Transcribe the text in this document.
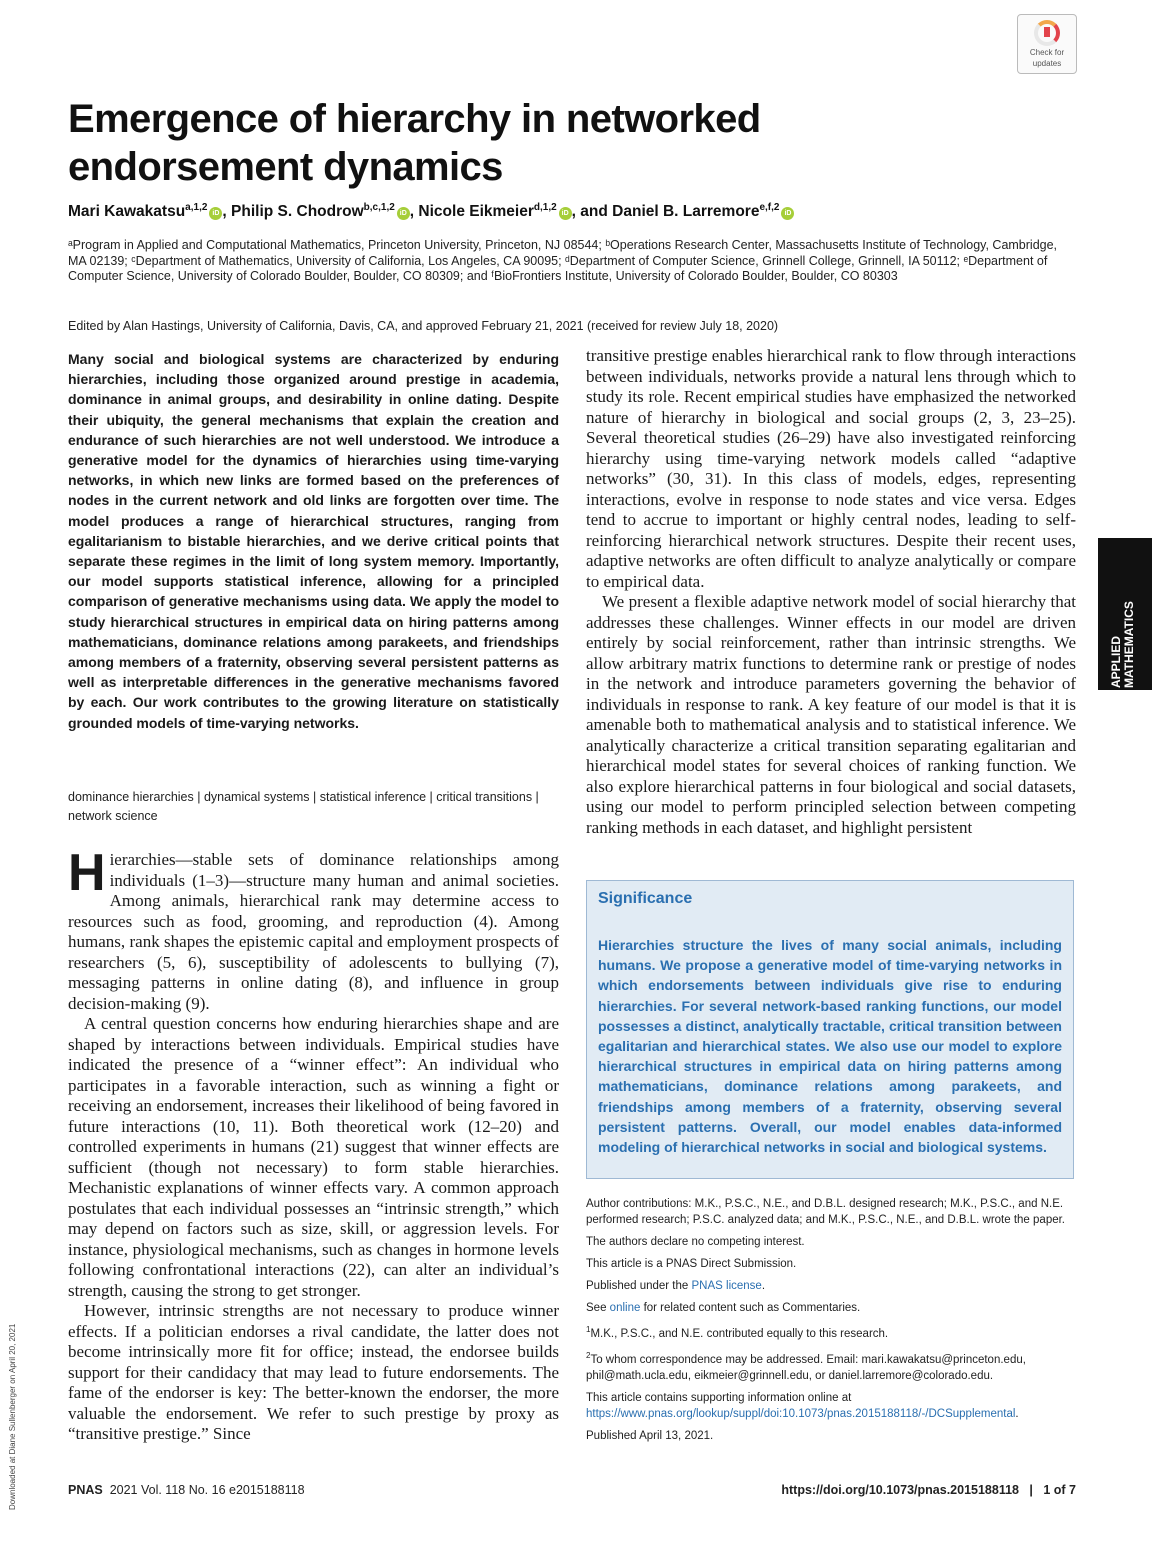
Check for
updates
Emergence of hierarchy in networked endorsement dynamics
Mari Kawakatsu$^{a,1,2}$iD , Philip S. Chodrow$^{b,c,1,2}$iD , Nicole Eikmeier$^{d,1,2}$iD , and Daniel B. Larremore$^{e,f,2}$iD
ᵃProgram in Applied and Computational Mathematics, Princeton University, Princeton, NJ 08544; ᵇOperations Research Center, Massachusetts Institute of Technology, Cambridge, MA 02139; ᶜDepartment of Mathematics, University of California, Los Angeles, CA 90095; ᵈDepartment of Computer Science, Grinnell College, Grinnell, IA 50112; ᵉDepartment of Computer Science, University of Colorado Boulder, Boulder, CO 80309; and ᶠBioFrontiers Institute, University of Colorado Boulder, Boulder, CO 80303
Edited by Alan Hastings, University of California, Davis, CA, and approved February 21, 2021 (received for review July 18, 2020)
Many social and biological systems are characterized by enduring hierarchies, including those organized around prestige in academia, dominance in animal groups, and desirability in online dating. Despite their ubiquity, the general mechanisms that explain the creation and endurance of such hierarchies are not well understood. We introduce a generative model for the dynamics of hierarchies using time-varying networks, in which new links are formed based on the preferences of nodes in the current network and old links are forgotten over time. The model produces a range of hierarchical structures, ranging from egalitarianism to bistable hierarchies, and we derive critical points that separate these regimes in the limit of long system memory. Importantly, our model supports statistical inference, allowing for a principled comparison of generative mechanisms using data. We apply the model to study hierarchical structures in empirical data on hiring patterns among mathematicians, dominance relations among parakeets, and friendships among members of a fraternity, observing several persistent patterns as well as interpretable differences in the generative mechanisms favored by each. Our work contributes to the growing literature on statistically grounded models of time-varying networks.
dominance hierarchies | dynamical systems | statistical inference | critical transitions | network science

Hierarchies—stable sets of dominance relationships among individuals (1–3)—structure many human and animal societies. Among animals, hierarchical rank may determine access to resources such as food, grooming, and reproduction (4). Among humans, rank shapes the epistemic capital and employment prospects of researchers (5, 6), susceptibility of adolescents to bullying (7), messaging patterns in online dating (8), and influence in group decision-making (9).

A central question concerns how enduring hierarchies shape and are shaped by interactions between individuals. Empirical studies have indicated the presence of a “winner effect”: An individual who participates in a favorable interaction, such as winning a fight or receiving an endorsement, increases their likelihood of being favored in future interactions (10, 11). Both theoretical work (12–20) and controlled experiments in humans (21) suggest that winner effects are sufficient (though not necessary) to form stable hierarchies. Mechanistic explanations of winner effects vary. A common approach postulates that each individual possesses an “intrinsic strength,” which may depend on factors such as size, skill, or aggression levels. For instance, physiological mechanisms, such as changes in hormone levels following confrontational interactions (22), can alter an individual’s strength, causing the strong to get stronger.

However, intrinsic strengths are not necessary to produce winner effects. If a politician endorses a rival candidate, the latter does not become intrinsically more fit for office; instead, the endorsee builds support for their candidacy that may lead to future endorsements. The fame of the endorser is key: The better-known the endorser, the more valuable the endorsement. We refer to such prestige by proxy as “transitive prestige.” Since

transitive prestige enables hierarchical rank to flow through interactions between individuals, networks provide a natural lens through which to study its role. Recent empirical studies have emphasized the networked nature of hierarchy in biological and social groups (2, 3, 23–25). Several theoretical studies (26–29) have also investigated reinforcing hierarchy using time-varying network models called “adaptive networks” (30, 31). In this class of models, edges, representing interactions, evolve in response to node states and vice versa. Edges tend to accrue to important or highly central nodes, leading to self-reinforcing hierarchical network structures. Despite their recent uses, adaptive networks are often difficult to analyze analytically or compare to empirical data.

We present a flexible adaptive network model of social hierarchy that addresses these challenges. Winner effects in our model are driven entirely by social reinforcement, rather than intrinsic strengths. We allow arbitrary matrix functions to determine rank or prestige of nodes in the network and introduce parameters governing the behavior of individuals in response to rank. A key feature of our model is that it is amenable both to mathematical analysis and to statistical inference. We analytically characterize a critical transition separating egalitarian and hierarchical model states for several choices of ranking function. We also explore hierarchical patterns in four biological and social datasets, using our model to perform principled selection between competing ranking methods in each dataset, and highlight persistent

Significance
Hierarchies structure the lives of many social animals, including humans. We propose a generative model of time-varying networks in which endorsements between individuals give rise to enduring hierarchies. For several network-based ranking functions, our model possesses a distinct, analytically tractable, critical transition between egalitarian and hierarchical states. We also use our model to explore hierarchical structures in empirical data on hiring patterns among mathematicians, dominance relations among parakeets, and friendships among members of a fraternity, observing several persistent patterns. Overall, our model enables data-informed modeling of hierarchical networks in social and biological systems.

Author contributions: M.K., P.S.C., N.E., and D.B.L. designed research; M.K., P.S.C., and N.E. performed research; P.S.C. analyzed data; and M.K., P.S.C., N.E., and D.B.L. wrote the paper.

The authors declare no competing interest.

This article is a PNAS Direct Submission.

Published under the PNAS license.

See online for related content such as Commentaries.

$^1$M.K., P.S.C., and N.E. contributed equally to this research.

$^2$To whom correspondence may be addressed. Email: mari.kawakatsu@princeton.edu, phil@math.ucla.edu, eikmeier@grinnell.edu, or daniel.larremore@colorado.edu.

This article contains supporting information online at https://www.pnas.org/lookup/suppl/doi:10.1073/pnas.2015188118/-/DCSupplemental.

Published April 13, 2021.

APPLIED MATHEMATICS
Downloaded at Diane Sullenberger on April 20, 2021	PNAS 2021 Vol. 118 No. 16 e2015188118	https://doi.org/10.1073/pnas.2015188118 | 1 of 7
